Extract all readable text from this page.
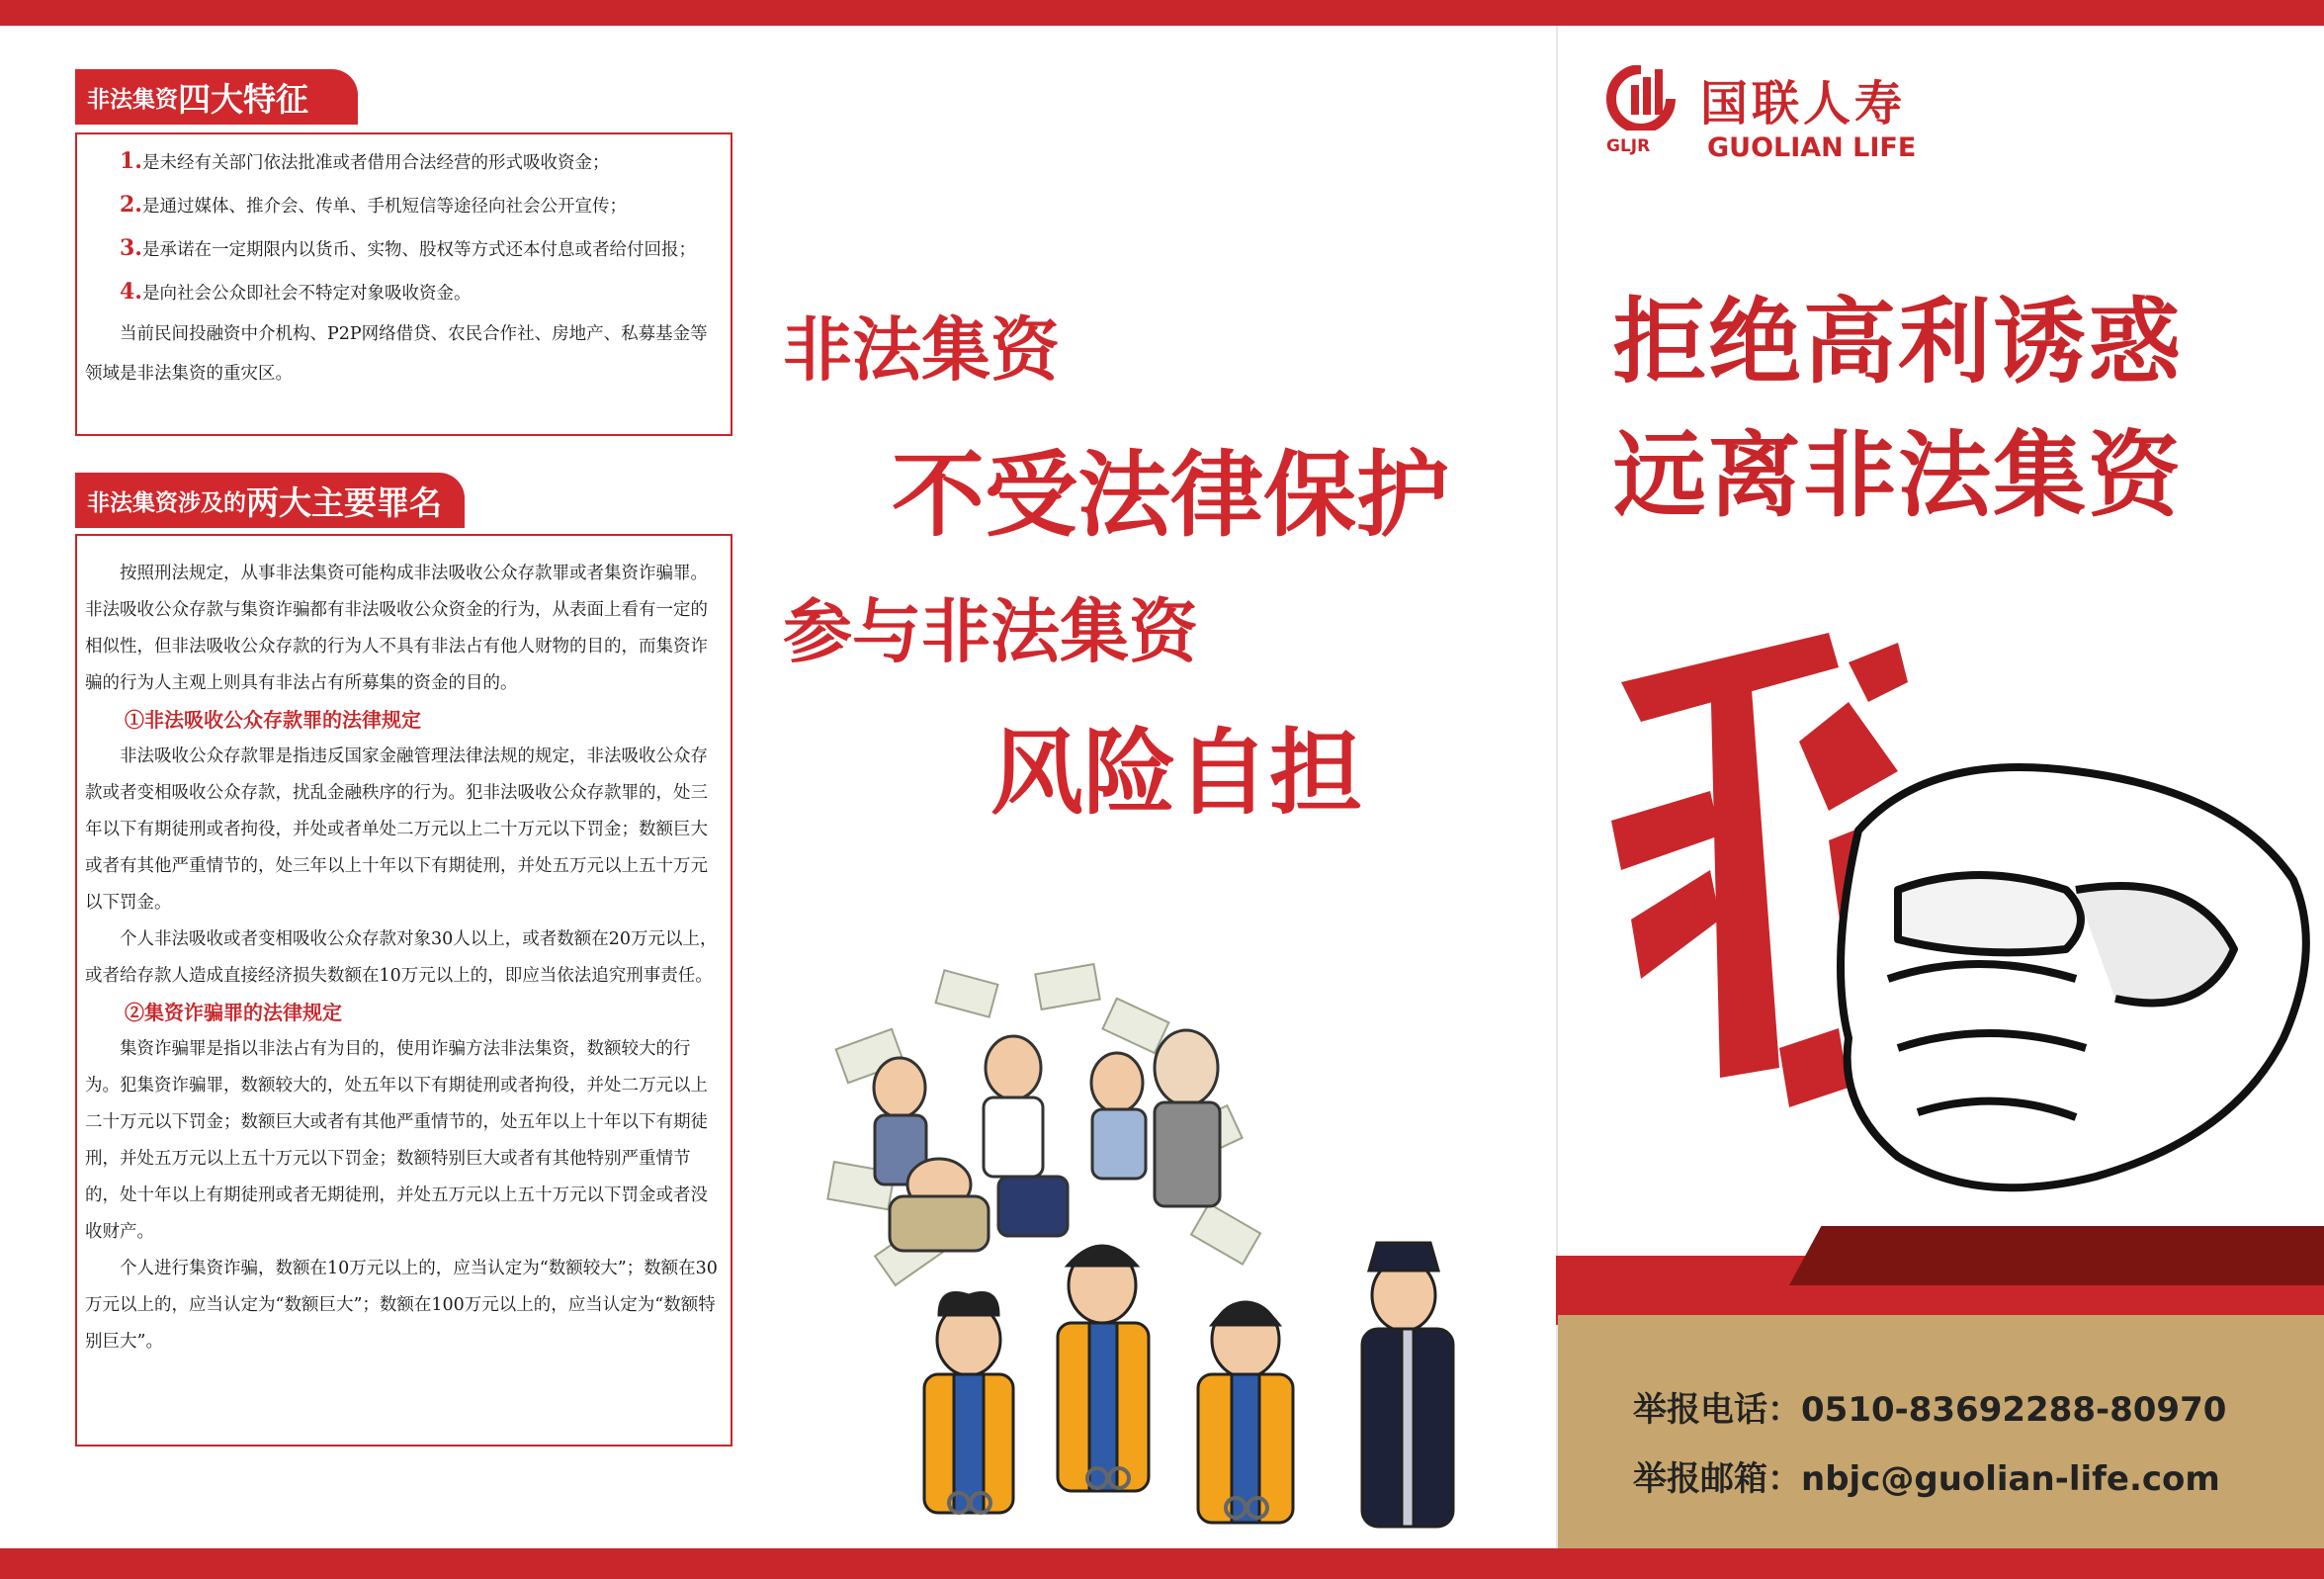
非法集资 四大特征

1.是未经有关部门依法批准或者借用合法经营的形式吸收资金；

2.是通过媒体、推介会、传单、手机短信等途径向社会公开宣传；

3.是承诺在一定期限内以货币、实物、股权等方式还本付息或者给付回报；

4.是向社会公众即社会不特定对象吸收资金。

当前民间投融资中介机构、P2P网络借贷、农民合作社、房地产、私募基金等领域是非法集资的重灾区。

非法集资涉及的 两大主要罪名

按照刑法规定，从事非法集资可能构成非法吸收公众存款罪或者集资诈骗罪。非法吸收公众存款与集资诈骗都有非法吸收公众资金的行为，从表面上看有一定的相似性，但非法吸收公众存款的行为人不具有非法占有他人财物的目的，而集资诈骗的行为人主观上则具有非法占有所募集的资金的目的。

①非法吸收公众存款罪的法律规定

非法吸收公众存款罪是指违反国家金融管理法律法规的规定，非法吸收公众存款或者变相吸收公众存款，扰乱金融秩序的行为。犯非法吸收公众存款罪的，处三年以下有期徒刑或者拘役，并处或者单处二万元以上二十万元以下罚金；数额巨大或者有其他严重情节的，处三年以上十年以下有期徒刑，并处五万元以上五十万元以下罚金。

个人非法吸收或者变相吸收公众存款对象30人以上，或者数额在20万元以上，或者给存款人造成直接经济损失数额在10万元以上的，即应当依法追究刑事责任。

②集资诈骗罪的法律规定

集资诈骗罪是指以非法占有为目的，使用诈骗方法非法集资，数额较大的行为。犯集资诈骗罪，数额较大的，处五年以下有期徒刑或者拘役，并处二万元以上二十万元以下罚金；数额巨大或者有其他严重情节的，处五年以上十年以下有期徒刑，并处五万元以上五十万元以下罚金；数额特别巨大或者有其他特别严重情节的，处十年以上有期徒刑或者无期徒刑，并处五万元以上五十万元以下罚金或者没收财产。

个人进行集资诈骗，数额在10万元以上的，应当认定为“数额较大”；数额在30万元以上的，应当认定为“数额巨大”；数额在100万元以上的，应当认定为“数额特别巨大”。

非法集资
不受法律保护
参与非法集资
风险自担
GLJR
国联人寿
GUOLIAN LIFE
拒绝高利诱惑
远离非法集资
举报电话：0510-83692288-80970
举报邮箱：nbjc@guolian-life.com
